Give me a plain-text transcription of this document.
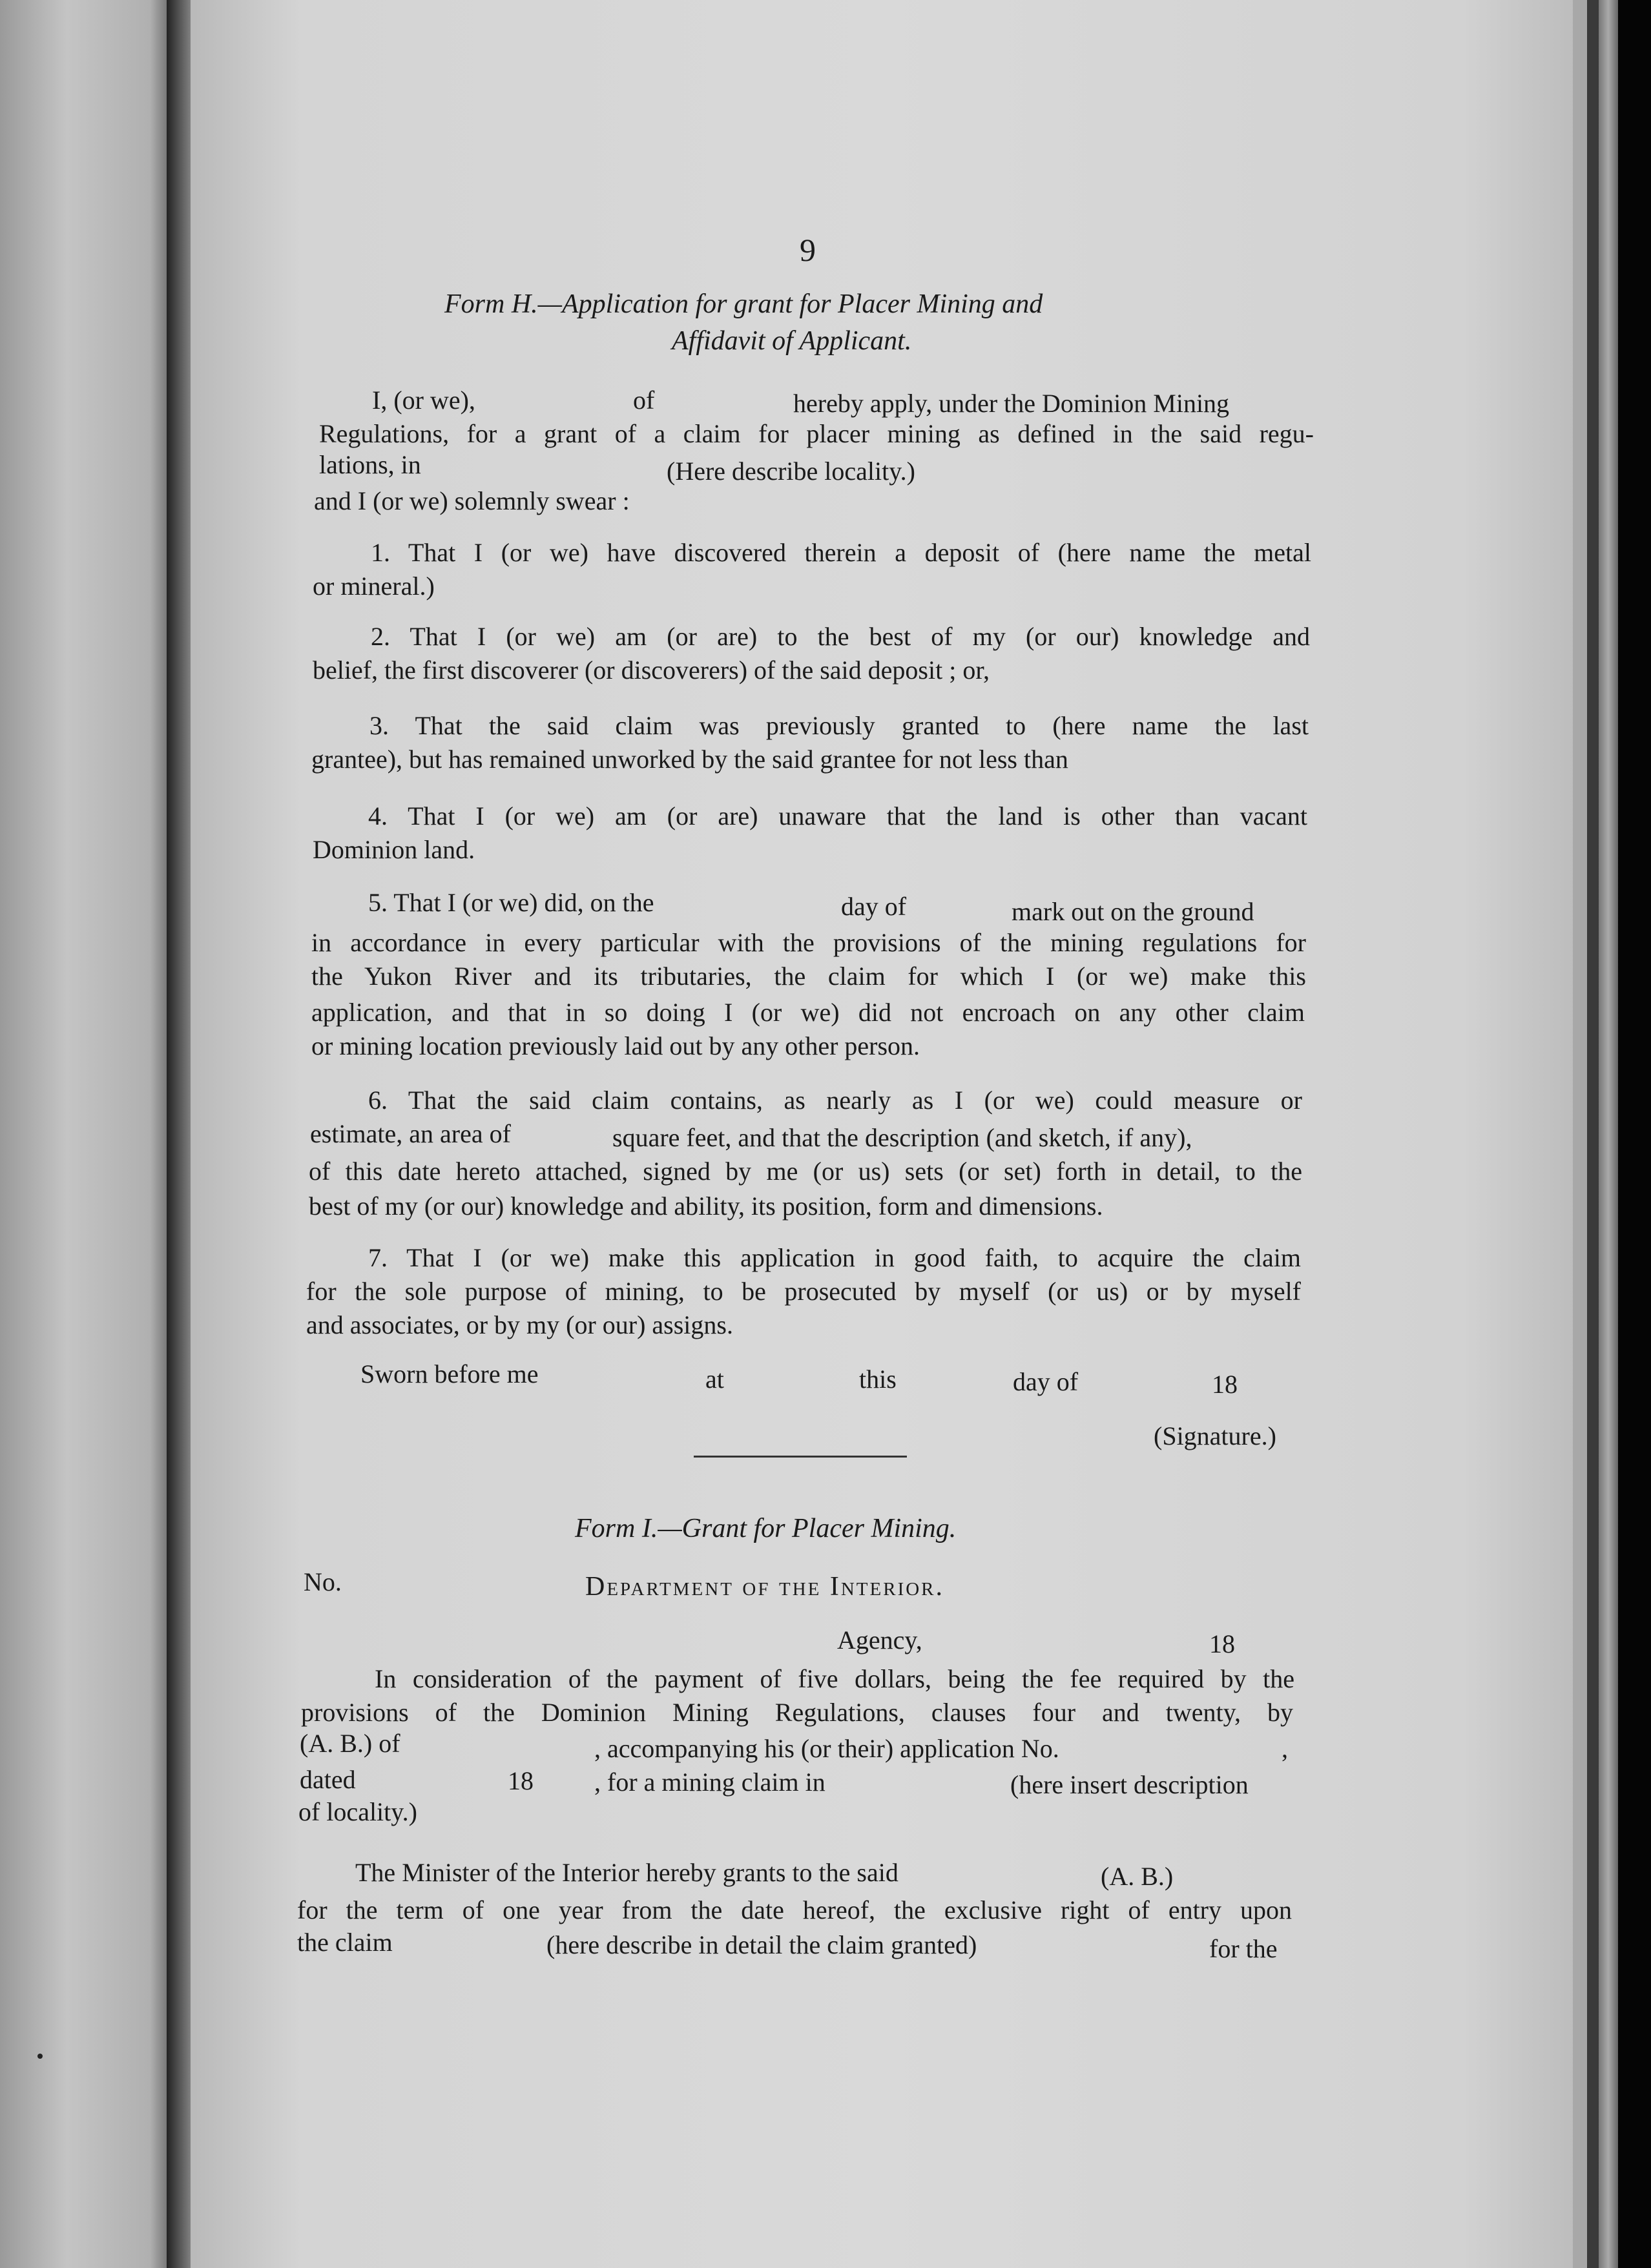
9
Form H.—Application for grant for Placer Mining and
Affidavit of Applicant.
I, (or we),	of	hereby apply, under the Dominion Mining
Regulations, for a grant of a claim for placer mining as defined in the said regu-
lations, in	(Here describe locality.)
and I (or we) solemnly swear :
1. That I (or we) have discovered therein a deposit of (here name the metal
or mineral.)
2. That I (or we) am (or are) to the best of my (or our) knowledge and
belief, the first discoverer (or discoverers) of the said deposit ; or,
3. That the said claim was previously granted to (here name the last
grantee), but has remained unworked by the said grantee for not less than
4. That I (or we) am (or are) unaware that the land is other than vacant
Dominion land.
5. That I (or we) did, on the	day of	mark out on the ground
in accordance in every particular with the provisions of the mining regulations for
the Yukon River and its tributaries, the claim for which I (or we) make this
application, and that in so doing I (or we) did not encroach on any other claim
or mining location previously laid out by any other person.
6. That the said claim contains, as nearly as I (or we) could measure or
estimate, an area of	square feet, and that the description (and sketch, if any),
of this date hereto attached, signed by me (or us) sets (or set) forth in detail, to the
best of my (or our) knowledge and ability, its position, form and dimensions.
7. That I (or we) make this application in good faith, to acquire the claim
for the sole purpose of mining, to be prosecuted by myself (or us) or by myself
and associates, or by my (or our) assigns.
Sworn before me	at	this	day of	18
(Signature.)
Form I.—Grant for Placer Mining.
No.	Department of the Interior.
Agency,	18
In consideration of the payment of five dollars, being the fee required by the
provisions of the Dominion Mining Regulations, clauses four and twenty, by
(A. B.) of	, accompanying his (or their) application No.	,
dated	18 , for a mining claim in	(here insert description
of locality.)
The Minister of the Interior hereby grants to the said	(A. B.)
for the term of one year from the date hereof, the exclusive right of entry upon
the claim	(here describe in detail the claim granted)	for the
